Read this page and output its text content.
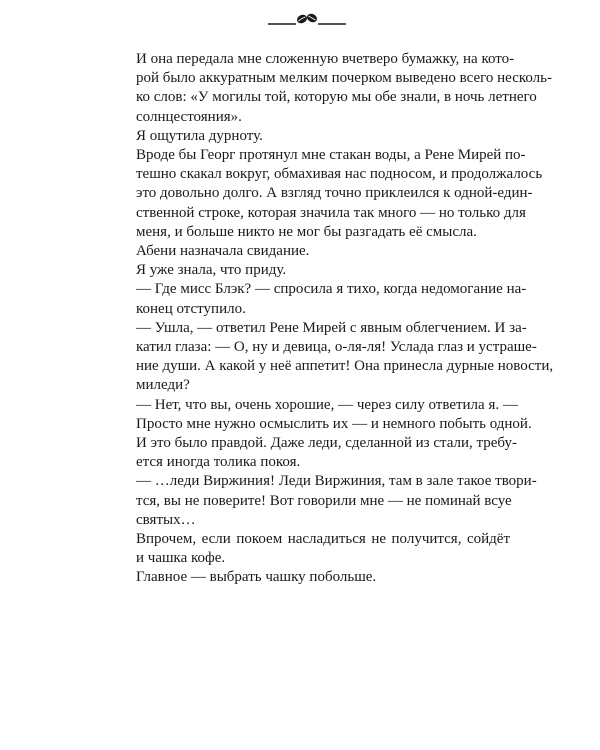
И она передала мне сложенную вчетверо бумажку, на кото-
рой было аккуратным мелким почерком выведено всего несколь-
ко слов: «У могилы той, которую мы обе знали, в ночь летнего
солнцестояния».

Я ощутила дурноту.

Вроде бы Георг протянул мне стакан воды, а Рене Мирей по-
тешно скакал вокруг, обмахивая нас подносом, и продолжалось
это довольно долго. А взгляд точно приклеился к одной-един-
ственной строке, которая значила так много — но только для
меня, и больше никто не мог бы разгадать её смысла.

Абени назначала свидание.

Я уже знала, что приду.

— Где мисс Блэк? — спросила я тихо, когда недомогание на-
конец отступило.

— Ушла, — ответил Рене Мирей с явным облегчением. И за-
катил глаза: — О, ну и девица, о-ля-ля! Услада глаз и устраше-
ние души. А какой у неё аппетит! Она принесла дурные новости,
миледи?

— Нет, что вы, очень хорошие, — через силу ответила я. —
Просто мне нужно осмыслить их — и немного побыть одной.

И это было правдой. Даже леди, сделанной из стали, требу-
ется иногда толика покоя.

— …леди Виржиния! Леди Виржиния, там в зале такое твори-
тся, вы не поверите! Вот говорили мне — не поминай всуе
святых…

Впрочем, если покоем насладиться не получится, сойдёт
и чашка кофе.

Главное — выбрать чашку побольше.
